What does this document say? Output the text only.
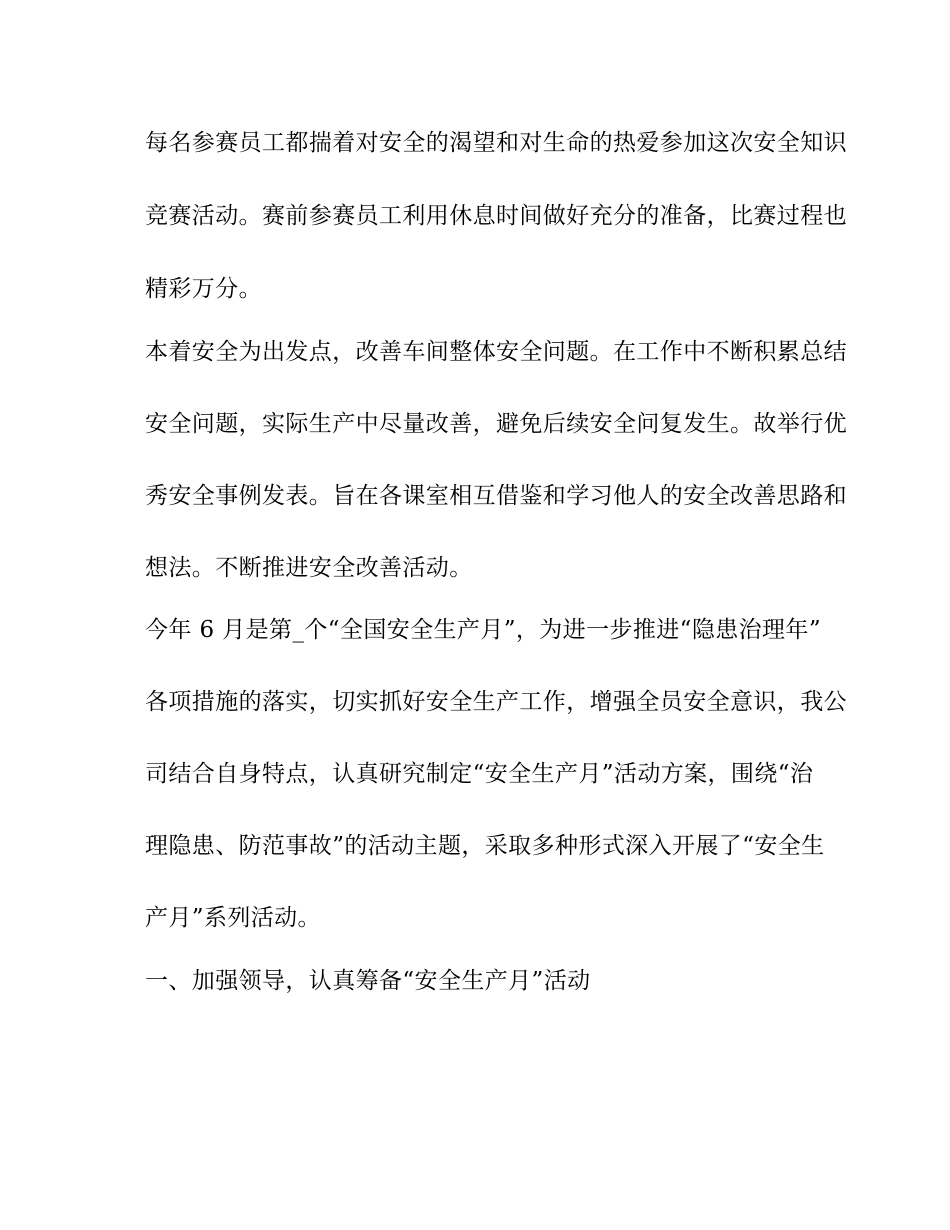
每名参赛员工都揣着对安全的渴望和对生命的热爱参加这次安全知识
竞赛活动。赛前参赛员工利用休息时间做好充分的准备，比赛过程也
精彩万分。
本着安全为出发点，改善车间整体安全问题。在工作中不断积累总结
安全问题，实际生产中尽量改善，避免后续安全问复发生。故举行优
秀安全事例发表。旨在各课室相互借鉴和学习他人的安全改善思路和
想法。不断推进安全改善活动。
今年 6 月是第_个“全国安全生产月”，为进一步推进“隐患治理年”
各项措施的落实，切实抓好安全生产工作，增强全员安全意识，我公
司结合自身特点，认真研究制定“安全生产月”活动方案，围绕“治
理隐患、防范事故”的活动主题，采取多种形式深入开展了“安全生
产月”系列活动。
一、加强领导，认真筹备“安全生产月”活动
